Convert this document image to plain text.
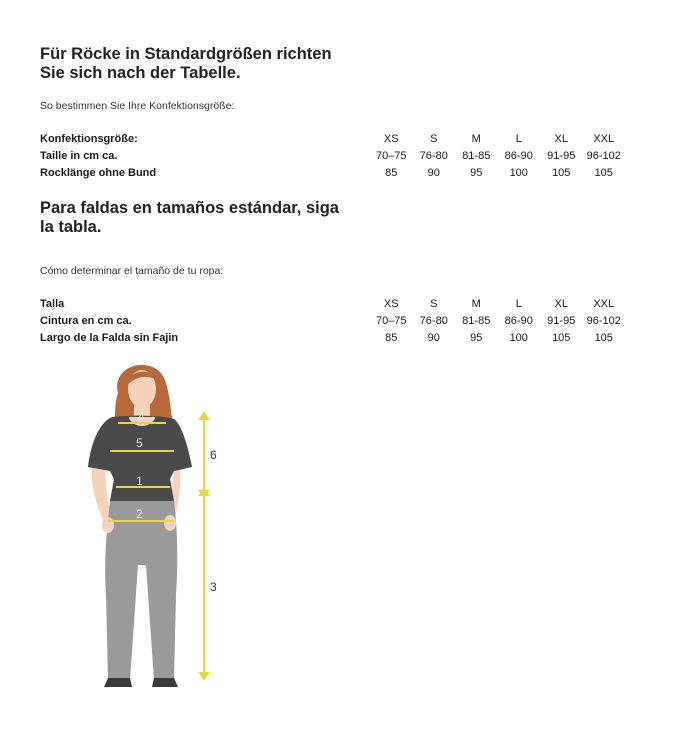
Für Röcke in Standardgrößen richten
Sie sich nach der Tabelle.

So bestimmen Sie Ihre Konfektionsgröße:

Konfektionsgröße:	XS	S	M	L	XL	XXL
Taille in cm ca.	70–75	76-80	81-85	86-90	91-95	96-102
Rocklänge ohne Bund	85	90	95	100	105	105
Para faldas en tamaños estándar, siga
la tabla.

Cómo determinar el tamaño de tu ropa:

Talla	XS	S	M	L	XL	XXL
Cintura en cm ca.	70–75	76-80	81-85	86-90	91-95	96-102
Largo de la Falda sin Fajin	85	90	95	100	105	105
4
5
1
2
6
3
